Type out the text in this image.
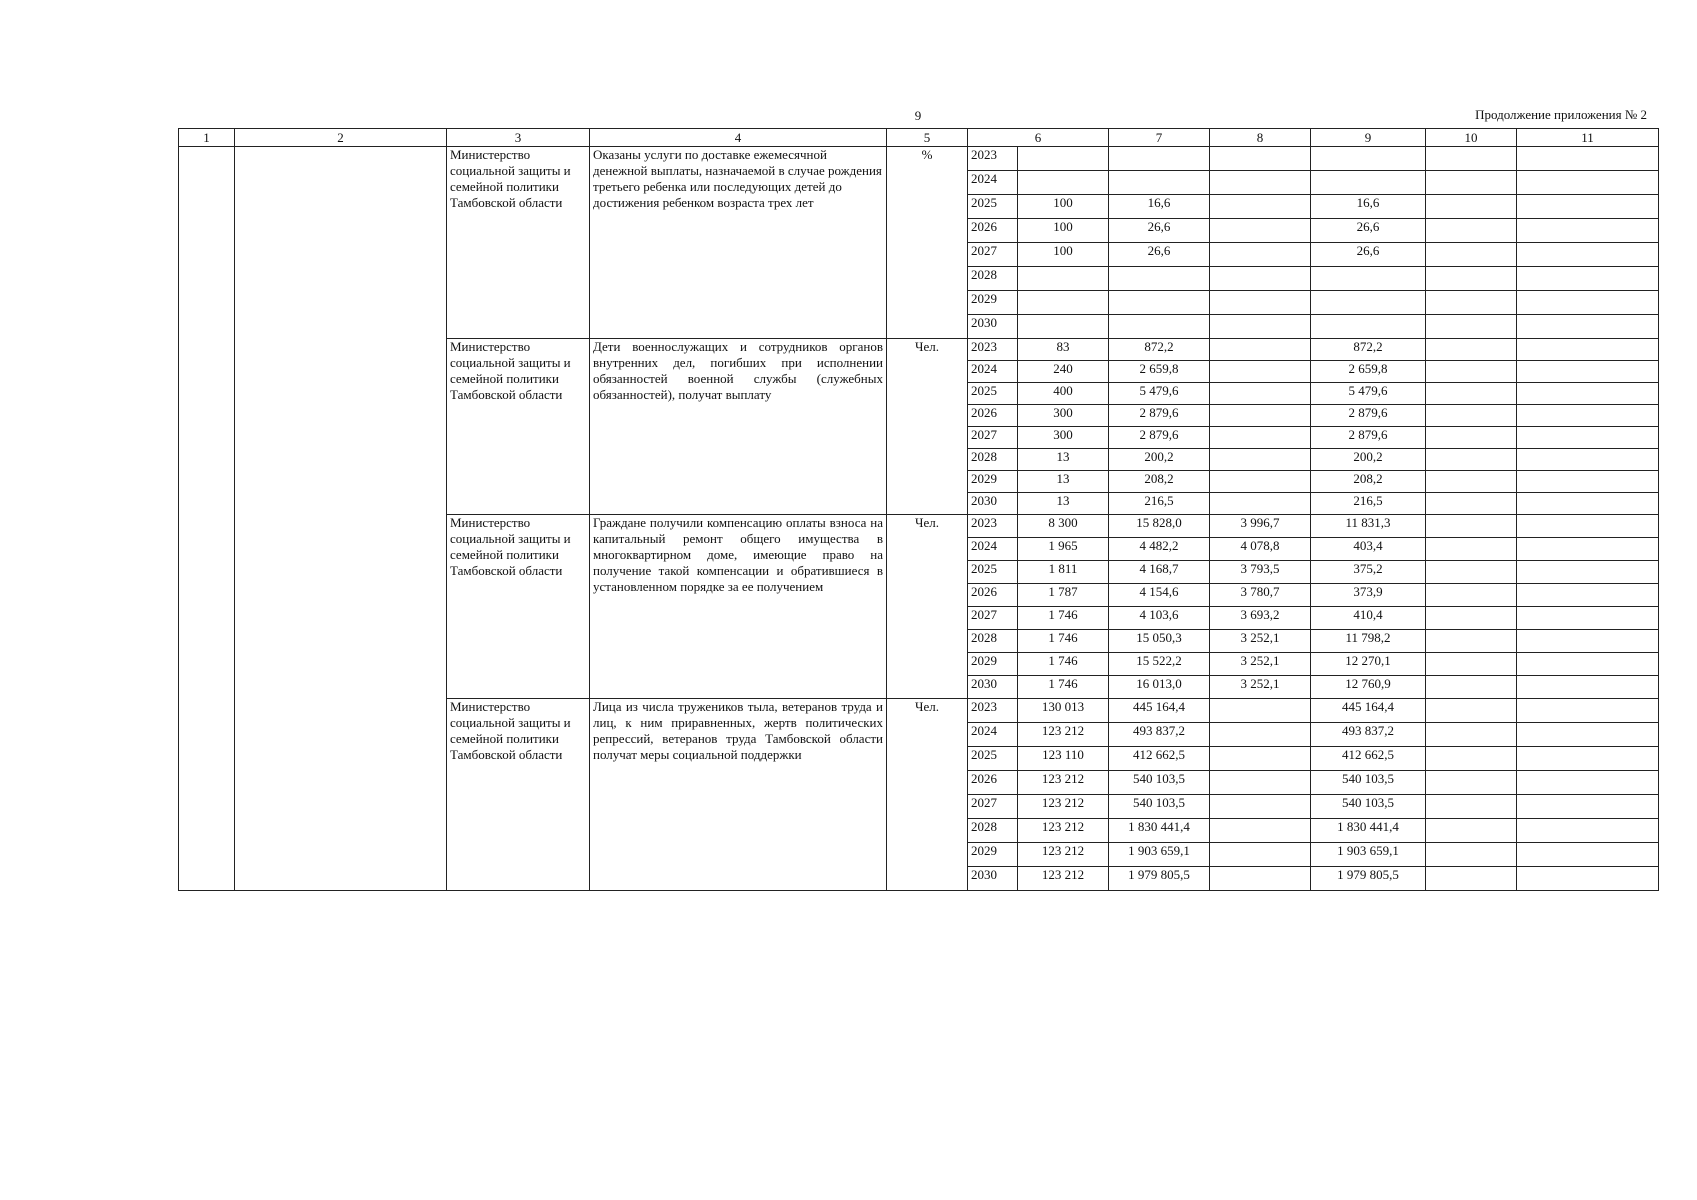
9	Продолжение приложения № 2
1	2	3	4	5	6		7	8	9	10	11
		Министерство социальной защиты и семейной политики Тамбовской области	Оказаны услуги по доставке ежемесячной денежной выплаты, назначаемой в случае рождения третьего ребенка или последующих детей до достижения ребенком возраста трех лет	%	2023						
					2024						
					2025	100	16,6		16,6		
					2026	100	26,6		26,6		
					2027	100	26,6		26,6		
					2028						
					2029						
					2030						
		Министерство социальной защиты и семейной политики Тамбовской области	Дети военнослужащих и сотрудников органов внутренних дел, погибших при исполнении обязанностей военной службы (служебных обязанностей), получат выплату	Чел.	2023	83	872,2		872,2		
					2024	240	2 659,8		2 659,8		
					2025	400	5 479,6		5 479,6		
					2026	300	2 879,6		2 879,6		
					2027	300	2 879,6		2 879,6		
					2028	13	200,2		200,2		
					2029	13	208,2		208,2		
					2030	13	216,5		216,5		
		Министерство социальной защиты и семейной политики Тамбовской области	Граждане получили компенсацию оплаты взноса на капитальный ремонт общего имущества в многоквартирном доме, имеющие право на получение такой компенсации и обратившиеся в установленном порядке за ее получением	Чел.	2023	8 300	15 828,0	3 996,7	11 831,3		
					2024	1 965	4 482,2	4 078,8	403,4		
					2025	1 811	4 168,7	3 793,5	375,2		
					2026	1 787	4 154,6	3 780,7	373,9		
					2027	1 746	4 103,6	3 693,2	410,4		
					2028	1 746	15 050,3	3 252,1	11 798,2		
					2029	1 746	15 522,2	3 252,1	12 270,1		
					2030	1 746	16 013,0	3 252,1	12 760,9		
		Министерство социальной защиты и семейной политики Тамбовской области	Лица из числа тружеников тыла, ветеранов труда и лиц, к ним приравненных, жертв политических репрессий, ветеранов труда Тамбовской области получат меры социальной поддержки	Чел.	2023	130 013	445 164,4		445 164,4		
					2024	123 212	493 837,2		493 837,2		
					2025	123 110	412 662,5		412 662,5		
					2026	123 212	540 103,5		540 103,5		
					2027	123 212	540 103,5		540 103,5		
					2028	123 212	1 830 441,4		1 830 441,4		
					2029	123 212	1 903 659,1		1 903 659,1		
					2030	123 212	1 979 805,5		1 979 805,5		
